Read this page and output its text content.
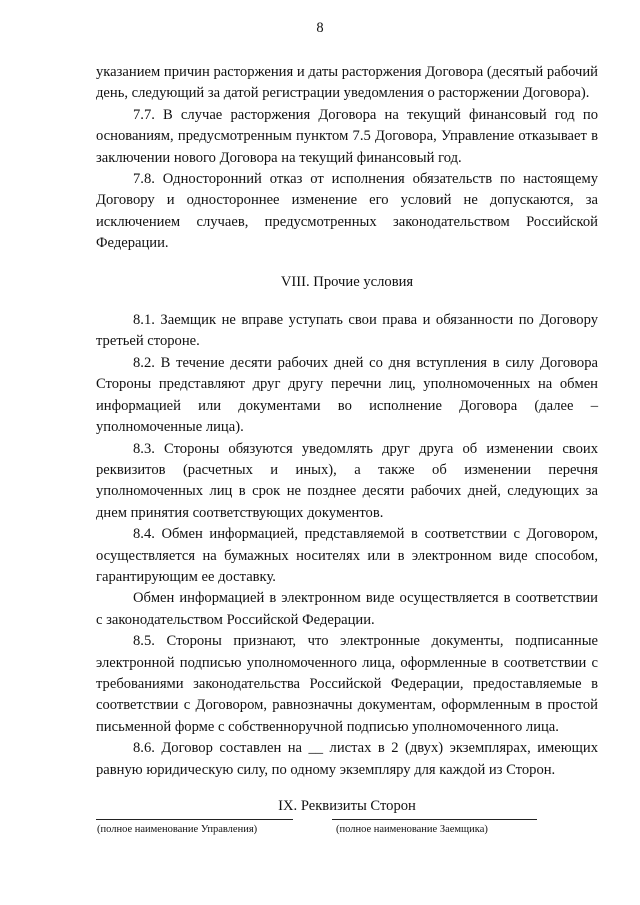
8

указанием причин расторжения и даты расторжения Договора (десятый рабочий день, следующий за датой регистрации уведомления о расторжении Договора).

7.7. В случае расторжения Договора на текущий финансовый год по основаниям, предусмотренным пунктом 7.5 Договора, Управление отказывает в заключении нового Договора на текущий финансовый год.

7.8. Односторонний отказ от исполнения обязательств по настоящему Договору и одностороннее изменение его условий не допускаются, за исключением случаев, предусмотренных законодательством Российской Федерации.

VIII. Прочие условия

8.1. Заемщик не вправе уступать свои права и обязанности по Договору третьей стороне.

8.2. В течение десяти рабочих дней со дня вступления в силу Договора Стороны представляют друг другу перечни лиц, уполномоченных на обмен информацией или документами во исполнение Договора (далее – уполномоченные лица).

8.3. Стороны обязуются уведомлять друг друга об изменении своих реквизитов (расчетных и иных), а также об изменении перечня уполномоченных лиц в срок не позднее десяти рабочих дней, следующих за днем принятия соответствующих документов.

8.4. Обмен информацией, представляемой в соответствии с Договором, осуществляется на бумажных носителях или в электронном виде способом, гарантирующим ее доставку.

Обмен информацией в электронном виде осуществляется в соответствии с законодательством Российской Федерации.

8.5. Стороны признают, что электронные документы, подписанные электронной подписью уполномоченного лица, оформленные в соответствии с требованиями законодательства Российской Федерации, предоставляемые в соответствии с Договором, равнозначны документам, оформленным в простой письменной форме с собственноручной подписью уполномоченного лица.

8.6. Договор составлен на __ листах в 2 (двух) экземплярах, имеющих равную юридическую силу, по одному экземпляру для каждой из Сторон.

IX. Реквизиты Сторон
(полное наименование Управления)	(полное наименование Заемщика)
